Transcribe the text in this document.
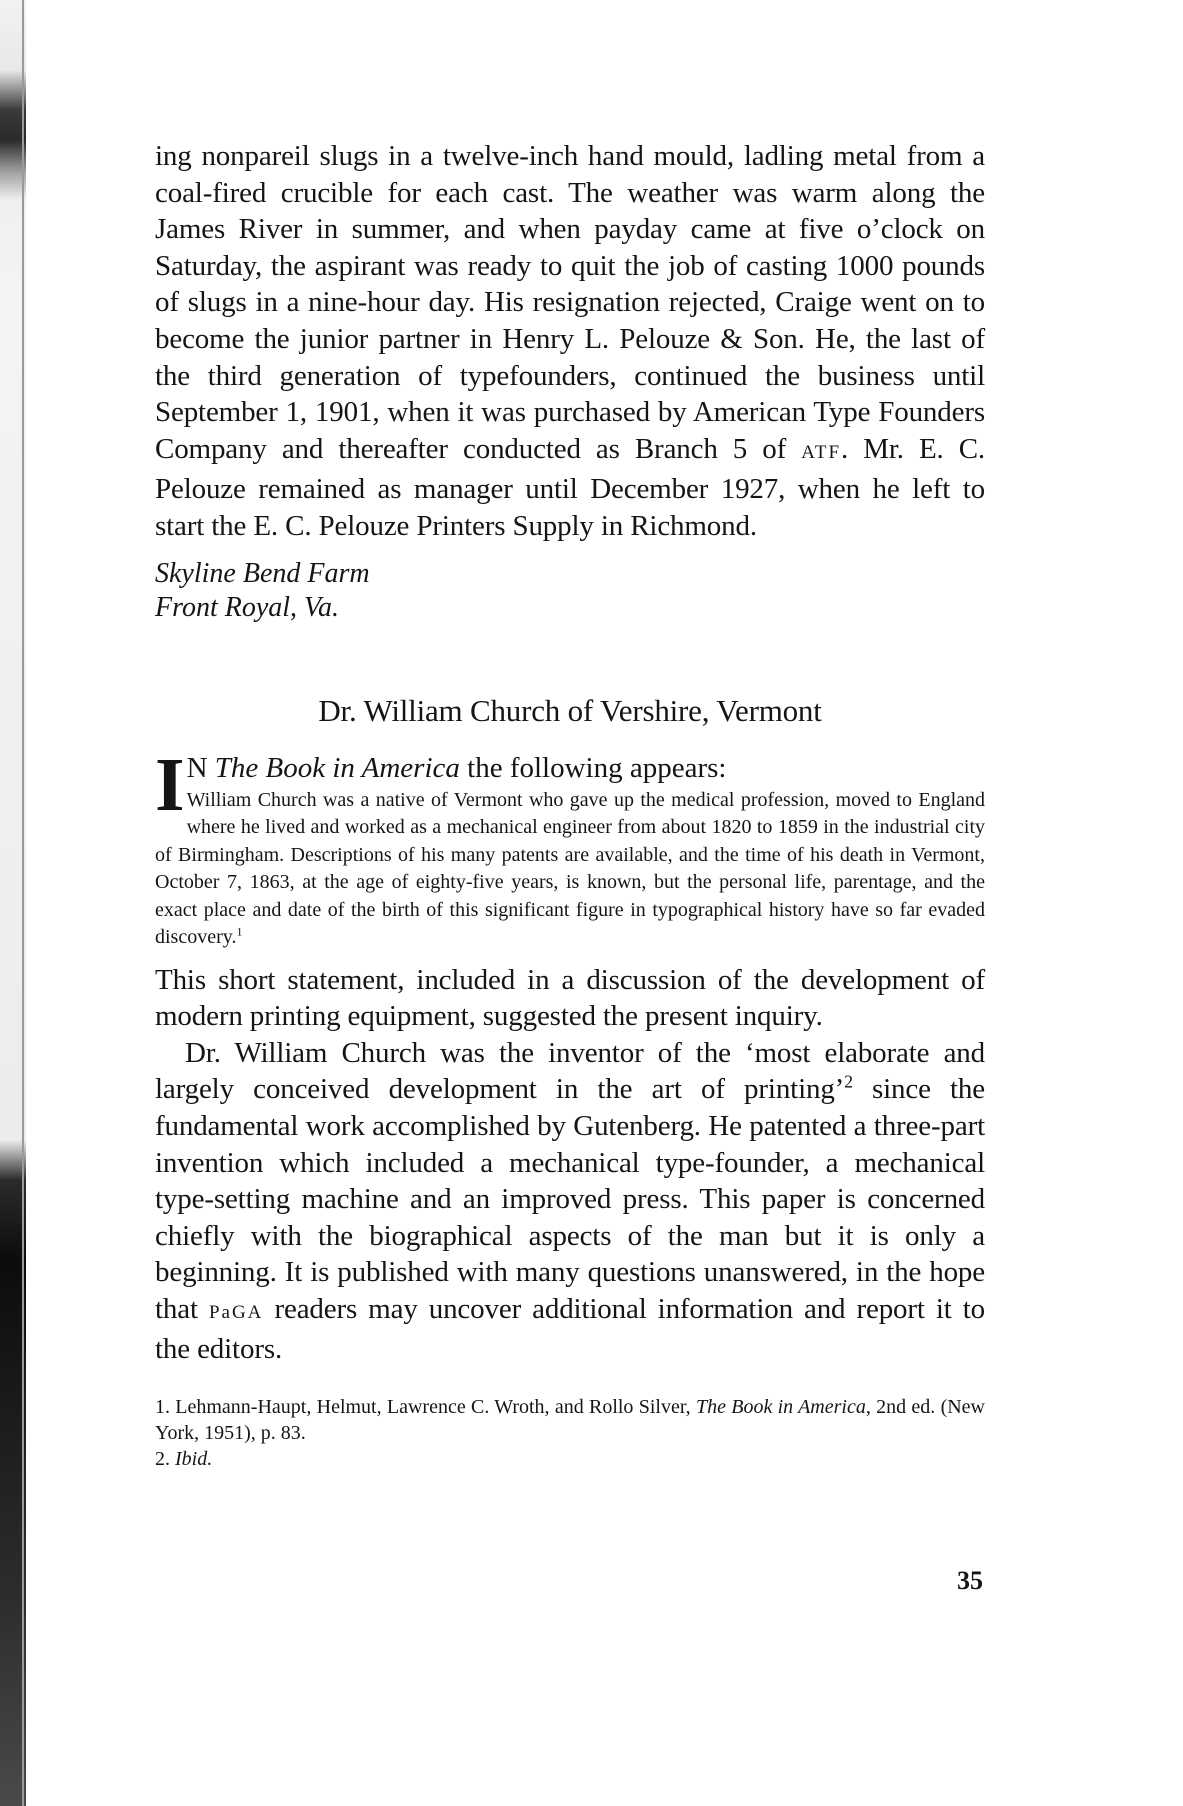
ing nonpareil slugs in a twelve-inch hand mould, ladling metal from a coal-fired crucible for each cast. The weather was warm along the James River in summer, and when payday came at five o’clock on Saturday, the aspirant was ready to quit the job of casting 1000 pounds of slugs in a nine-hour day. His resignation rejected, Craige went on to become the junior partner in Henry L. Pelouze & Son. He, the last of the third generation of typefounders, continued the business until September 1, 1901, when it was purchased by American Type Founders Company and thereafter conducted as Branch 5 of ATF. Mr. E. C. Pelouze remained as manager until December 1927, when he left to start the E. C. Pelouze Printers Supply in Richmond.

Skyline Bend Farm
Front Royal, Va.
Dr. William Church of Vershire, Vermont
I N The Book in America the following appears:

William Church was a native of Vermont who gave up the medical profession, moved to England where he lived and worked as a mechanical engineer from about 1820 to 1859 in the industrial city of Birmingham. Descriptions of his many patents are available, and the time of his death in Vermont, October 7, 1863, at the age of eighty-five years, is known, but the personal life, parentage, and the exact place and date of the birth of this significant figure in typographical history have so far evaded discovery.$^1$

This short statement, included in a discussion of the development of modern printing equipment, suggested the present inquiry.

Dr. William Church was the inventor of the ‘most elaborate and largely conceived development in the art of printing’$^2$ since the fundamental work accomplished by Gutenberg. He patented a three-part invention which included a mechanical type-founder, a mechanical type-setting machine and an improved press. This paper is concerned chiefly with the biographical aspects of the man but it is only a beginning. It is published with many questions unanswered, in the hope that PaGA readers may uncover additional information and report it to the editors.

1. Lehmann-Haupt, Helmut, Lawrence C. Wroth, and Rollo Silver, The Book in America, 2nd ed. (New York, 1951), p. 83.
2. Ibid.
35
